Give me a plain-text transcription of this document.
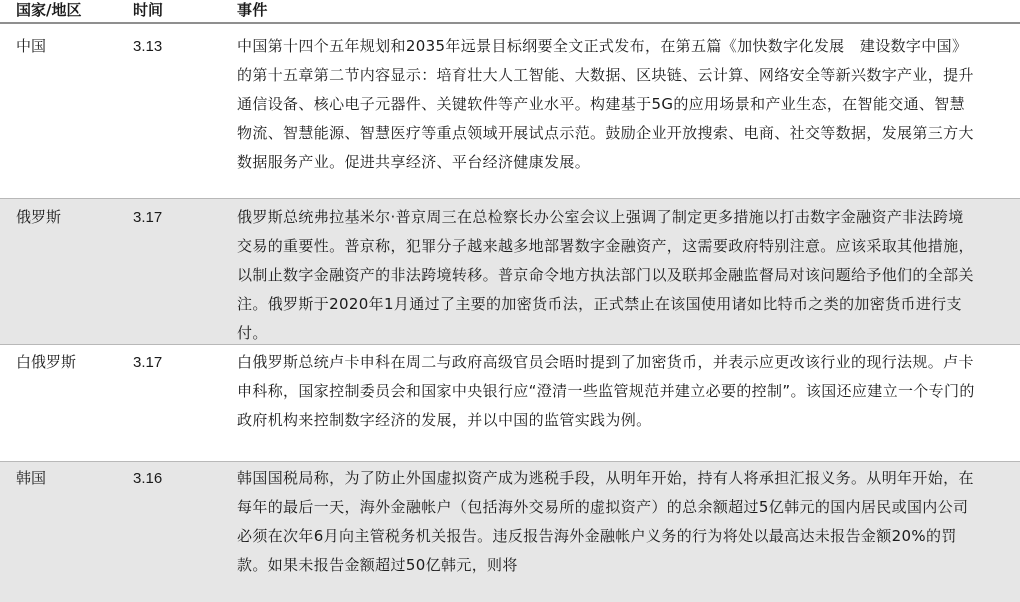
国家/地区	时间	事件
中国	3.13	中国第十四个五年规划和2035年远景目标纲要全文正式发布，在第五篇《加快数字化发展　建设数字中国》的第十五章第二节内容显示：培育壮大人工智能、大数据、区块链、云计算、网络安全等新兴数字产业，提升通信设备、核心电子元器件、关键软件等产业水平。构建基于5G的应用场景和产业生态，在智能交通、智慧物流、智慧能源、智慧医疗等重点领域开展试点示范。鼓励企业开放搜索、电商、社交等数据，发展第三方大数据服务产业。促进共享经济、平台经济健康发展。
俄罗斯	3.17	俄罗斯总统弗拉基米尔·普京周三在总检察长办公室会议上强调了制定更多措施以打击数字金融资产非法跨境交易的重要性。普京称，犯罪分子越来越多地部署数字金融资产，这需要政府特别注意。应该采取其他措施，以制止数字金融资产的非法跨境转移。普京命令地方执法部门以及联邦金融监督局对该问题给予他们的全部关注。俄罗斯于2020年1月通过了主要的加密货币法，正式禁止在该国使用诸如比特币之类的加密货币进行支付。
白俄罗斯	3.17	白俄罗斯总统卢卡申科在周二与政府高级官员会晤时提到了加密货币，并表示应更改该行业的现行法规。卢卡申科称，国家控制委员会和国家中央银行应“澄清一些监管规范并建立必要的控制”。该国还应建立一个专门的政府机构来控制数字经济的发展，并以中国的监管实践为例。
韩国	3.16	韩国国税局称，为了防止外国虚拟资产成为逃税手段，从明年开始，持有人将承担汇报义务。从明年开始，在每年的最后一天，海外金融帐户（包括海外交易所的虚拟资产）的总余额超过5亿韩元的国内居民或国内公司必须在次年6月向主管税务机关报告。违反报告海外金融帐户义务的行为将处以最高达未报告金额20%的罚款。如果未报告金额超过50亿韩元，则将
